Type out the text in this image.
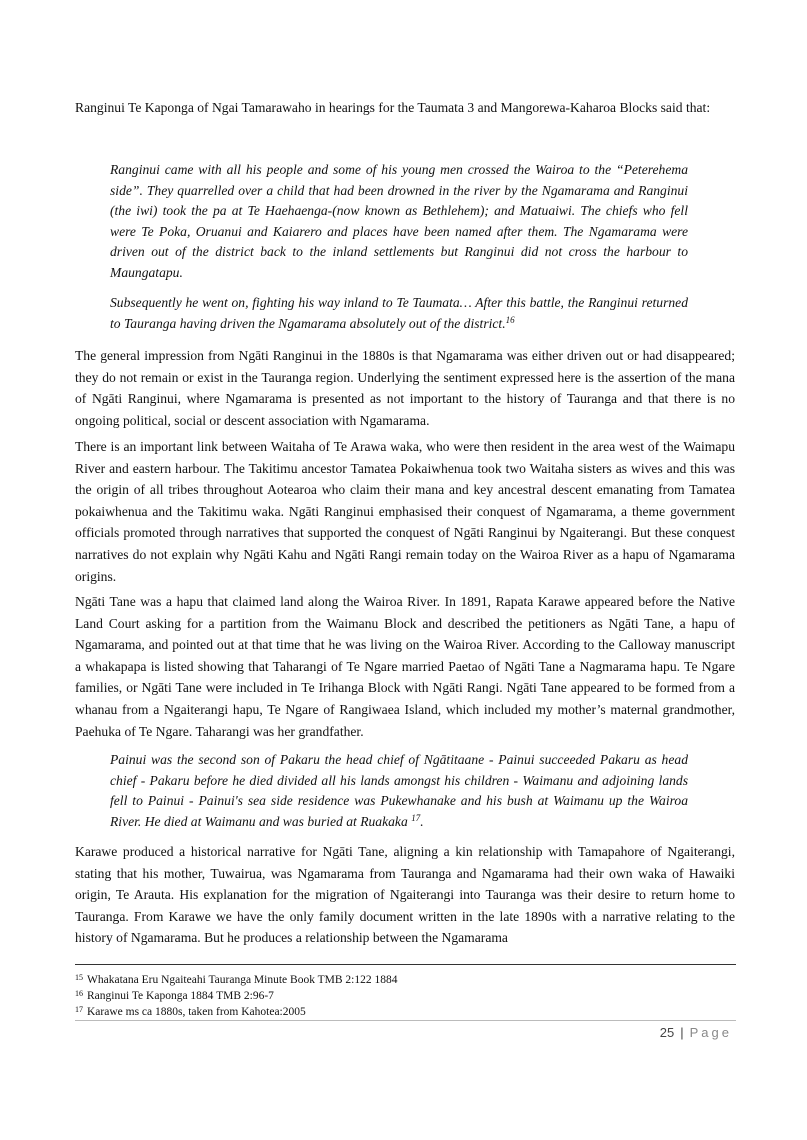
Ranginui Te Kaponga of Ngai Tamarawaho in hearings for the Taumata 3 and Mangorewa-Kaharoa Blocks said that:

Ranginui came with all his people and some of his young men crossed the Wairoa to the “Peterehema side”. They quarrelled over a child that had been drowned in the river by the Ngamarama and Ranginui (the iwi) took the pa at Te Haehaenga-(now known as Bethlehem); and Matuaiwi. The chiefs who fell were Te Poka, Oruanui and Kaiarero and places have been named after them. The Ngamarama were driven out of the district back to the inland settlements but Ranginui did not cross the harbour to Maungatapu.

Subsequently he went on, fighting his way inland to Te Taumata… After this battle, the Ranginui returned to Tauranga having driven the Ngamarama absolutely out of the district.$^{16}$

The general impression from Ngāti Ranginui in the 1880s is that Ngamarama was either driven out or had disappeared; they do not remain or exist in the Tauranga region. Underlying the sentiment expressed here is the assertion of the mana of Ngāti Ranginui, where Ngamarama is presented as not important to the history of Tauranga and that there is no ongoing political, social or descent association with Ngamarama.

There is an important link between Waitaha of Te Arawa waka, who were then resident in the area west of the Waimapu River and eastern harbour. The Takitimu ancestor Tamatea Pokaiwhenua took two Waitaha sisters as wives and this was the origin of all tribes throughout Aotearoa who claim their mana and key ancestral descent emanating from Tamatea pokaiwhenua and the Takitimu waka. Ngāti Ranginui emphasised their conquest of Ngamarama, a theme government officials promoted through narratives that supported the conquest of Ngāti Ranginui by Ngaiterangi. But these conquest narratives do not explain why Ngāti Kahu and Ngāti Rangi remain today on the Wairoa River as a hapu of Ngamarama origins.

Ngāti Tane was a hapu that claimed land along the Wairoa River. In 1891, Rapata Karawe appeared before the Native Land Court asking for a partition from the Waimanu Block and described the petitioners as Ngāti Tane, a hapu of Ngamarama, and pointed out at that time that he was living on the Wairoa River. According to the Calloway manuscript a whakapapa is listed showing that Taharangi of Te Ngare married Paetao of Ngāti Tane a Nagmarama hapu. Te Ngare families, or Ngāti Tane were included in Te Irihanga Block with Ngāti Rangi. Ngāti Tane appeared to be formed from a whanau from a Ngaiterangi hapu, Te Ngare of Rangiwaea Island, which included my mother’s maternal grandmother, Paehuka of Te Ngare. Taharangi was her grandfather.

Painui was the second son of Pakaru the head chief of Ngātitaane - Painui succeeded Pakaru as head chief - Pakaru before he died divided all his lands amongst his children - Waimanu and adjoining lands fell to Painui - Painui's sea side residence was Pukewhanake and his bush at Waimanu up the Wairoa River. He died at Waimanu and was buried at Ruakaka $^{17}$.

Karawe produced a historical narrative for Ngāti Tane, aligning a kin relationship with Tamapahore of Ngaiterangi, stating that his mother, Tuwairua, was Ngamarama from Tauranga and Ngamarama had their own waka of Hawaiki origin, Te Arauta. His explanation for the migration of Ngaiterangi into Tauranga was their desire to return home to Tauranga. From Karawe we have the only family document written in the late 1890s with a narrative relating to the history of Ngamarama. But he produces a relationship between the Ngamarama

$^{15}$ Whakatana Eru Ngaiteahi Tauranga Minute Book TMB 2:122 1884
$^{16}$ Ranginui Te Kaponga 1884 TMB 2:96-7
$^{17}$ Karawe ms ca 1880s, taken from Kahotea:2005
25 | Page
